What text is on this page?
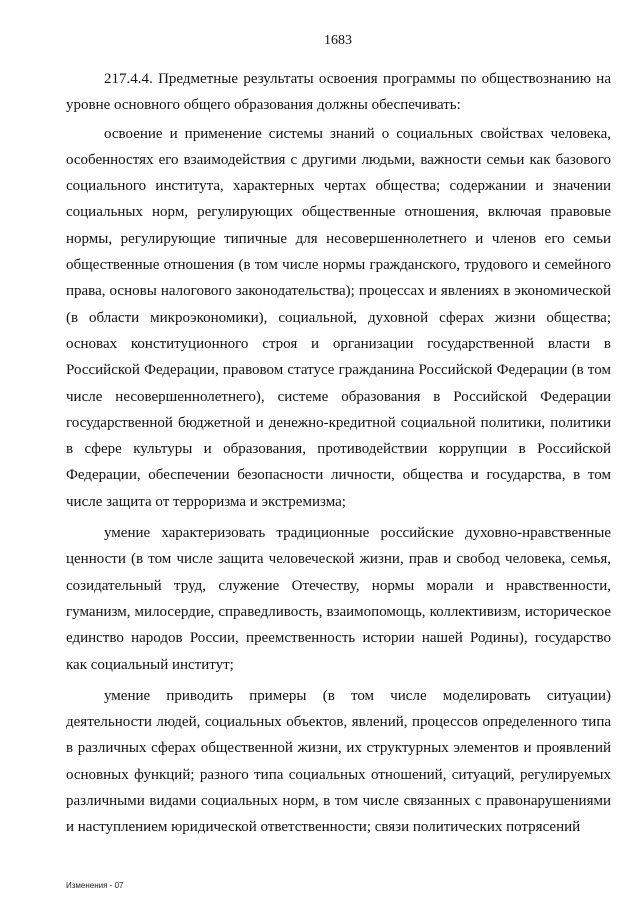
1683

217.4.4. Предметные результаты освоения программы по обществознанию на уровне основного общего образования должны обеспечивать:

освоение и применение системы знаний о социальных свойствах человека, особенностях его взаимодействия с другими людьми, важности семьи как базового социального института, характерных чертах общества; содержании и значении социальных норм, регулирующих общественные отношения, включая правовые нормы, регулирующие типичные для несовершеннолетнего и членов его семьи общественные отношения (в том числе нормы гражданского, трудового и семейного права, основы налогового законодательства); процессах и явлениях в экономической (в области микроэкономики), социальной, духовной сферах жизни общества; основах конституционного строя и организации государственной власти в Российской Федерации, правовом статусе гражданина Российской Федерации (в том числе несовершеннолетнего), системе образования в Российской Федерации государственной бюджетной и денежно-кредитной социальной политики, политики в сфере культуры и образования, противодействии коррупции в Российской Федерации, обеспечении безопасности личности, общества и государства, в том числе защита от терроризма и экстремизма;

умение характеризовать традиционные российские духовно-нравственные ценности (в том числе защита человеческой жизни, прав и свобод человека, семья, созидательный труд, служение Отечеству, нормы морали и нравственности, гуманизм, милосердие, справедливость, взаимопомощь, коллективизм, историческое единство народов России, преемственность истории нашей Родины), государство как социальный институт;

умение приводить примеры (в том числе моделировать ситуации) деятельности людей, социальных объектов, явлений, процессов определенного типа в различных сферах общественной жизни, их структурных элементов и проявлений основных функций; разного типа социальных отношений, ситуаций, регулируемых различными видами социальных норм, в том числе связанных с правонарушениями и наступлением юридической ответственности; связи политических потрясений

Изменения - 07
